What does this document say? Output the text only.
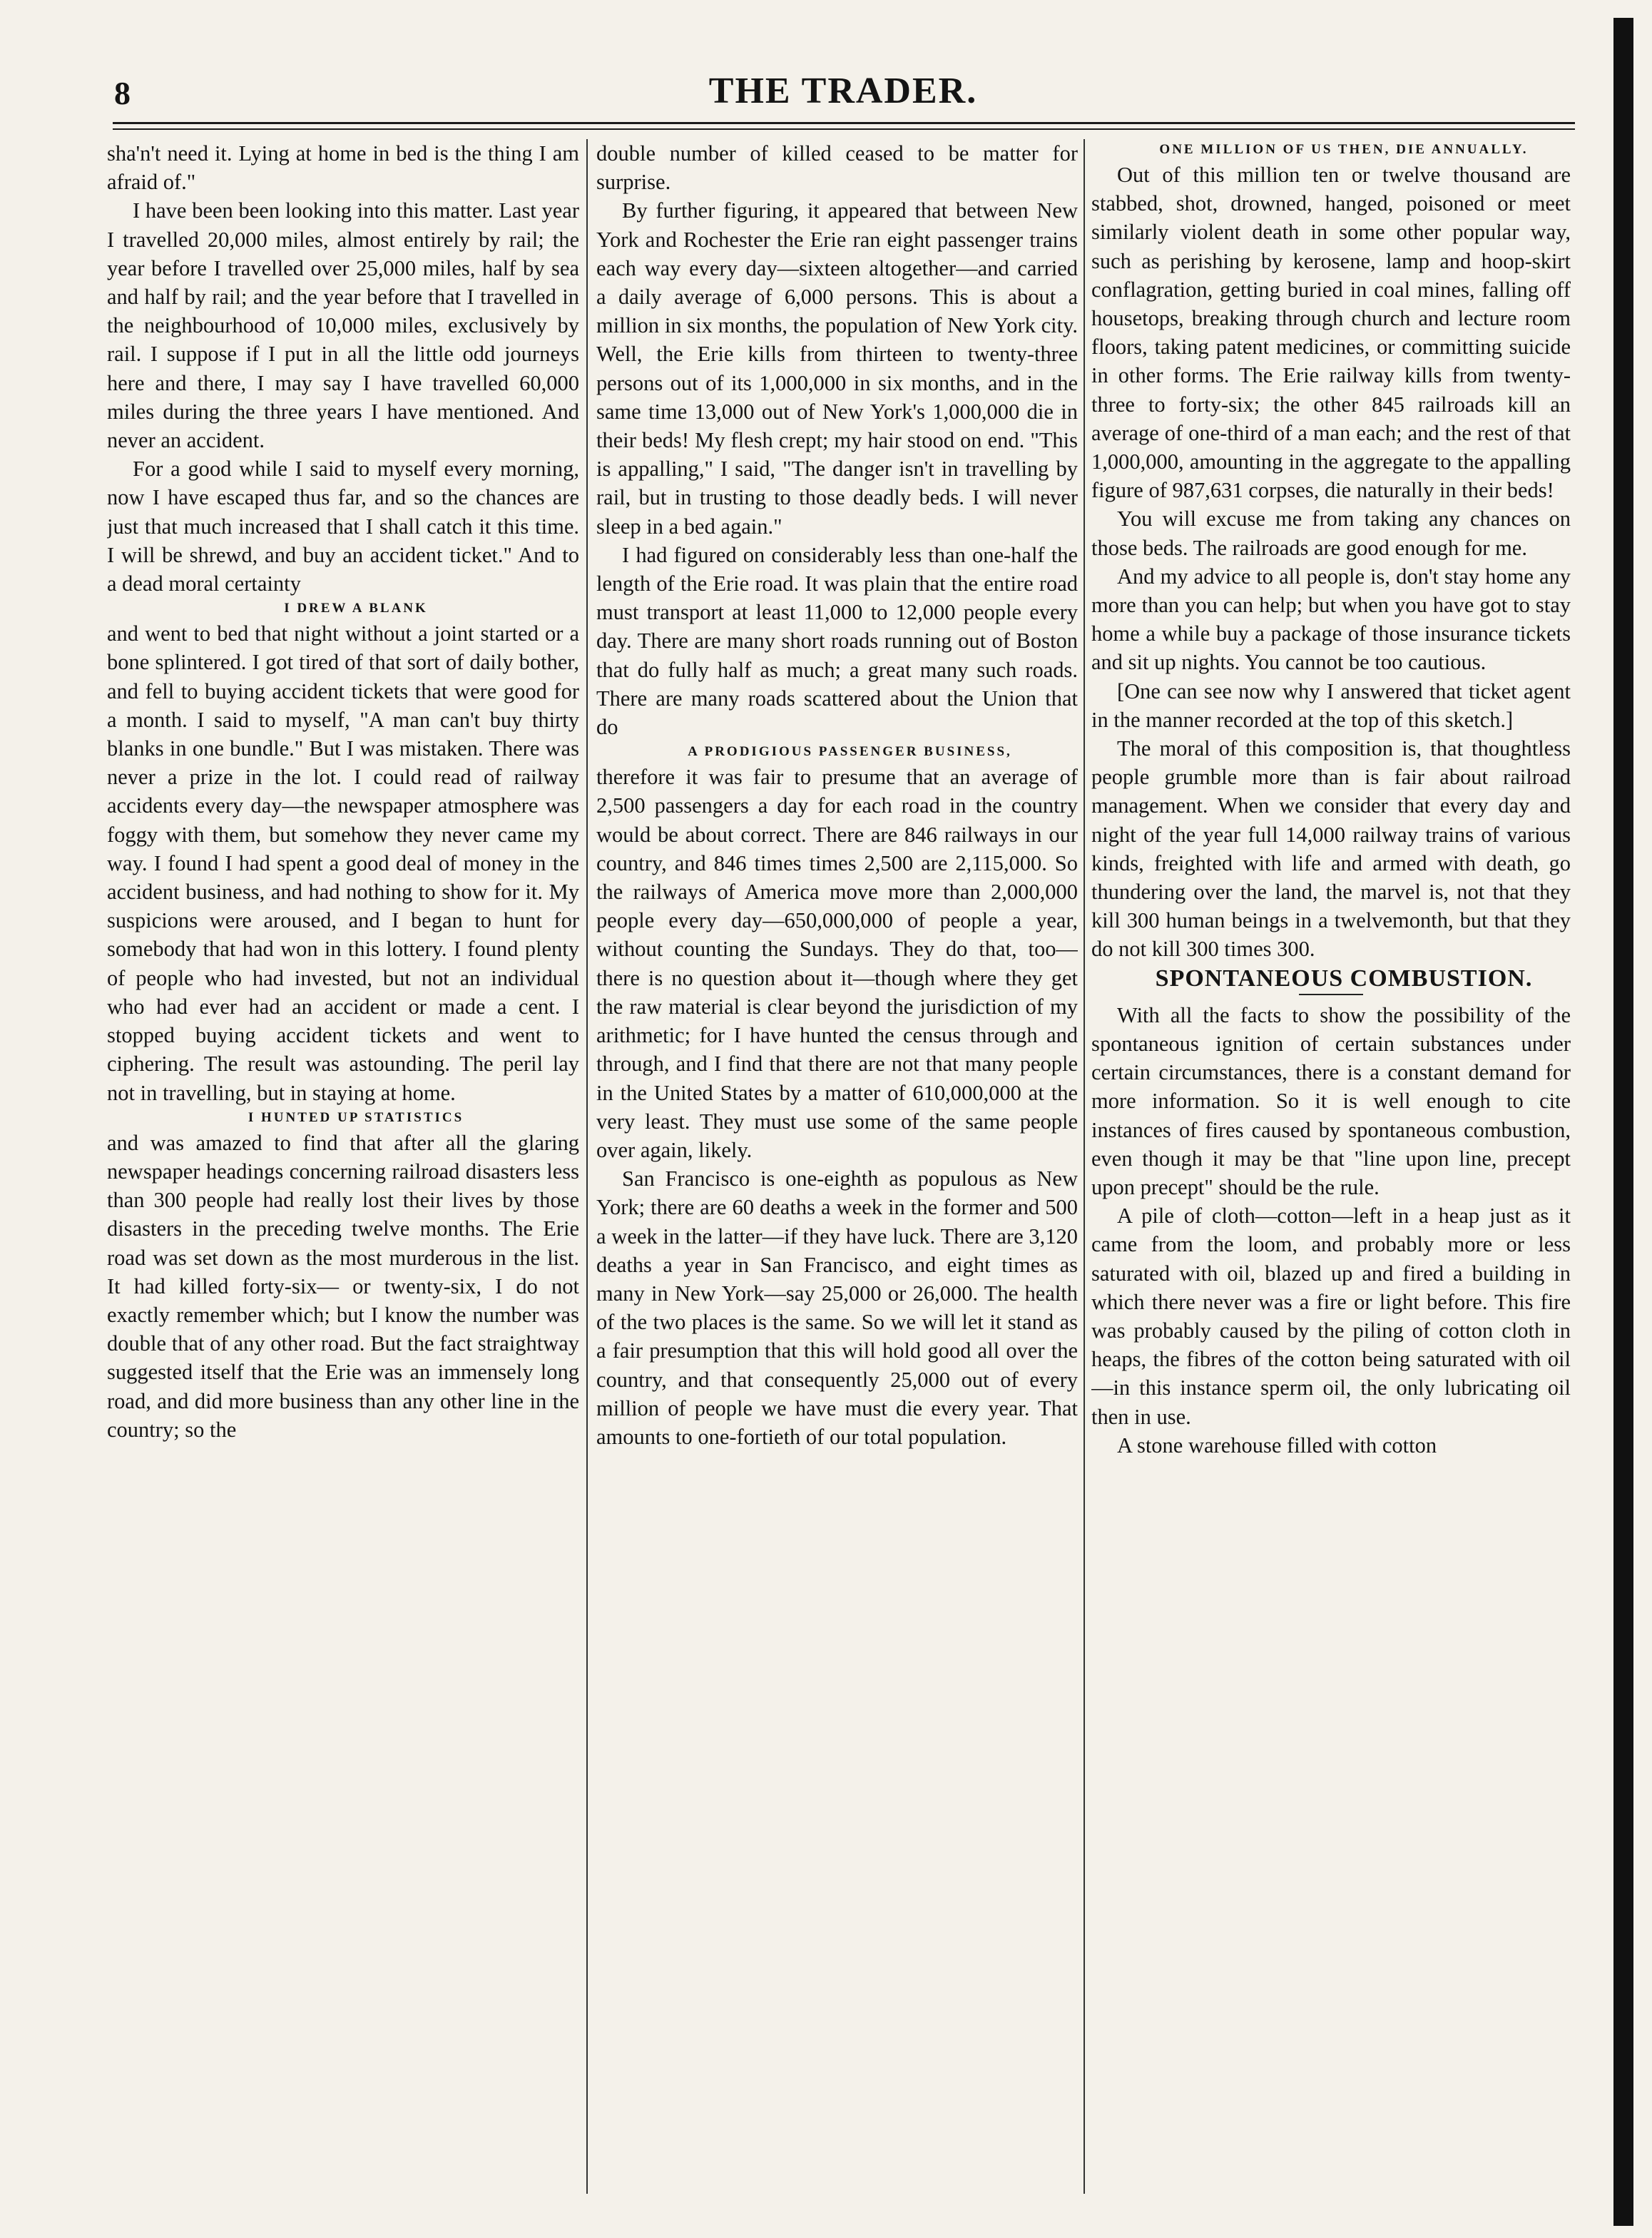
8	THE TRADER.

sha'n't need it. Lying at home in bed is the thing I am afraid of."

I have been been looking into this matter. Last year I travelled 20,000 miles, almost entirely by rail; the year before I travelled over 25,000 miles, half by sea and half by rail; and the year before that I travelled in the neighbourhood of 10,000 miles, exclusively by rail. I suppose if I put in all the little odd journeys here and there, I may say I have travelled 60,000 miles during the three years I have mentioned. And never an accident.

For a good while I said to myself every morning, now I have escaped thus far, and so the chances are just that much increased that I shall catch it this time. I will be shrewd, and buy an accident ticket." And to a dead moral certainty

I DREW A BLANK

and went to bed that night without a joint started or a bone splintered. I got tired of that sort of daily bother, and fell to buying accident tickets that were good for a month. I said to myself, "A man can't buy thirty blanks in one bundle." But I was mistaken. There was never a prize in the lot. I could read of railway accidents every day—the newspaper atmosphere was foggy with them, but somehow they never came my way. I found I had spent a good deal of money in the accident business, and had nothing to show for it. My suspicions were aroused, and I began to hunt for somebody that had won in this lottery. I found plenty of people who had invested, but not an individual who had ever had an accident or made a cent. I stopped buying accident tickets and went to ciphering. The result was astounding. The peril lay not in travelling, but in staying at home.

I HUNTED UP STATISTICS

and was amazed to find that after all the glaring newspaper headings concerning railroad disasters less than 300 people had really lost their lives by those disasters in the preceding twelve months. The Erie road was set down as the most murderous in the list. It had killed forty-six— or twenty-six, I do not exactly remember which; but I know the number was double that of any other road. But the fact straightway suggested itself that the Erie was an immensely long road, and did more business than any other line in the country; so the

double number of killed ceased to be matter for surprise.

By further figuring, it appeared that between New York and Rochester the Erie ran eight passenger trains each way every day—sixteen altogether—and carried a daily average of 6,000 persons. This is about a million in six months, the population of New York city. Well, the Erie kills from thirteen to twenty-three persons out of its 1,000,000 in six months, and in the same time 13,000 out of New York's 1,000,000 die in their beds! My flesh crept; my hair stood on end. "This is appalling," I said, "The danger isn't in travelling by rail, but in trusting to those deadly beds. I will never sleep in a bed again."

I had figured on considerably less than one-half the length of the Erie road. It was plain that the entire road must transport at least 11,000 to 12,000 people every day. There are many short roads running out of Boston that do fully half as much; a great many such roads. There are many roads scattered about the Union that do

A PRODIGIOUS PASSENGER BUSINESS,

therefore it was fair to presume that an average of 2,500 passengers a day for each road in the country would be about correct. There are 846 railways in our country, and 846 times times 2,500 are 2,115,000. So the railways of America move more than 2,000,000 people every day—650,000,000 of people a year, without counting the Sundays. They do that, too—there is no question about it—though where they get the raw material is clear beyond the jurisdiction of my arithmetic; for I have hunted the census through and through, and I find that there are not that many people in the United States by a matter of 610,000,000 at the very least. They must use some of the same people over again, likely.

San Francisco is one-eighth as populous as New York; there are 60 deaths a week in the former and 500 a week in the latter—if they have luck. There are 3,120 deaths a year in San Francisco, and eight times as many in New York—say 25,000 or 26,000. The health of the two places is the same. So we will let it stand as a fair presumption that this will hold good all over the country, and that consequently 25,000 out of every million of people we have must die every year. That amounts to one-fortieth of our total population.

ONE MILLION OF US THEN, DIE ANNUALLY.

Out of this million ten or twelve thousand are stabbed, shot, drowned, hanged, poisoned or meet similarly violent death in some other popular way, such as perishing by kerosene, lamp and hoop-skirt conflagration, getting buried in coal mines, falling off housetops, breaking through church and lecture room floors, taking patent medicines, or committing suicide in other forms. The Erie railway kills from twenty-three to forty-six; the other 845 railroads kill an average of one-third of a man each; and the rest of that 1,000,000, amounting in the aggregate to the appalling figure of 987,631 corpses, die naturally in their beds!

You will excuse me from taking any chances on those beds. The railroads are good enough for me.

And my advice to all people is, don't stay home any more than you can help; but when you have got to stay home a while buy a package of those insurance tickets and sit up nights. You cannot be too cautious.

[One can see now why I answered that ticket agent in the manner recorded at the top of this sketch.]

The moral of this composition is, that thoughtless people grumble more than is fair about railroad management. When we consider that every day and night of the year full 14,000 railway trains of various kinds, freighted with life and armed with death, go thundering over the land, the marvel is, not that they kill 300 human beings in a twelvemonth, but that they do not kill 300 times 300.

SPONTANEOUS COMBUSTION.

With all the facts to show the possibility of the spontaneous ignition of certain substances under certain circumstances, there is a constant demand for more information. So it is well enough to cite instances of fires caused by spontaneous combustion, even though it may be that "line upon line, precept upon precept" should be the rule.

A pile of cloth—cotton—left in a heap just as it came from the loom, and probably more or less saturated with oil, blazed up and fired a building in which there never was a fire or light before. This fire was probably caused by the piling of cotton cloth in heaps, the fibres of the cotton being saturated with oil—in this instance sperm oil, the only lubricating oil then in use.

A stone warehouse filled with cotton
